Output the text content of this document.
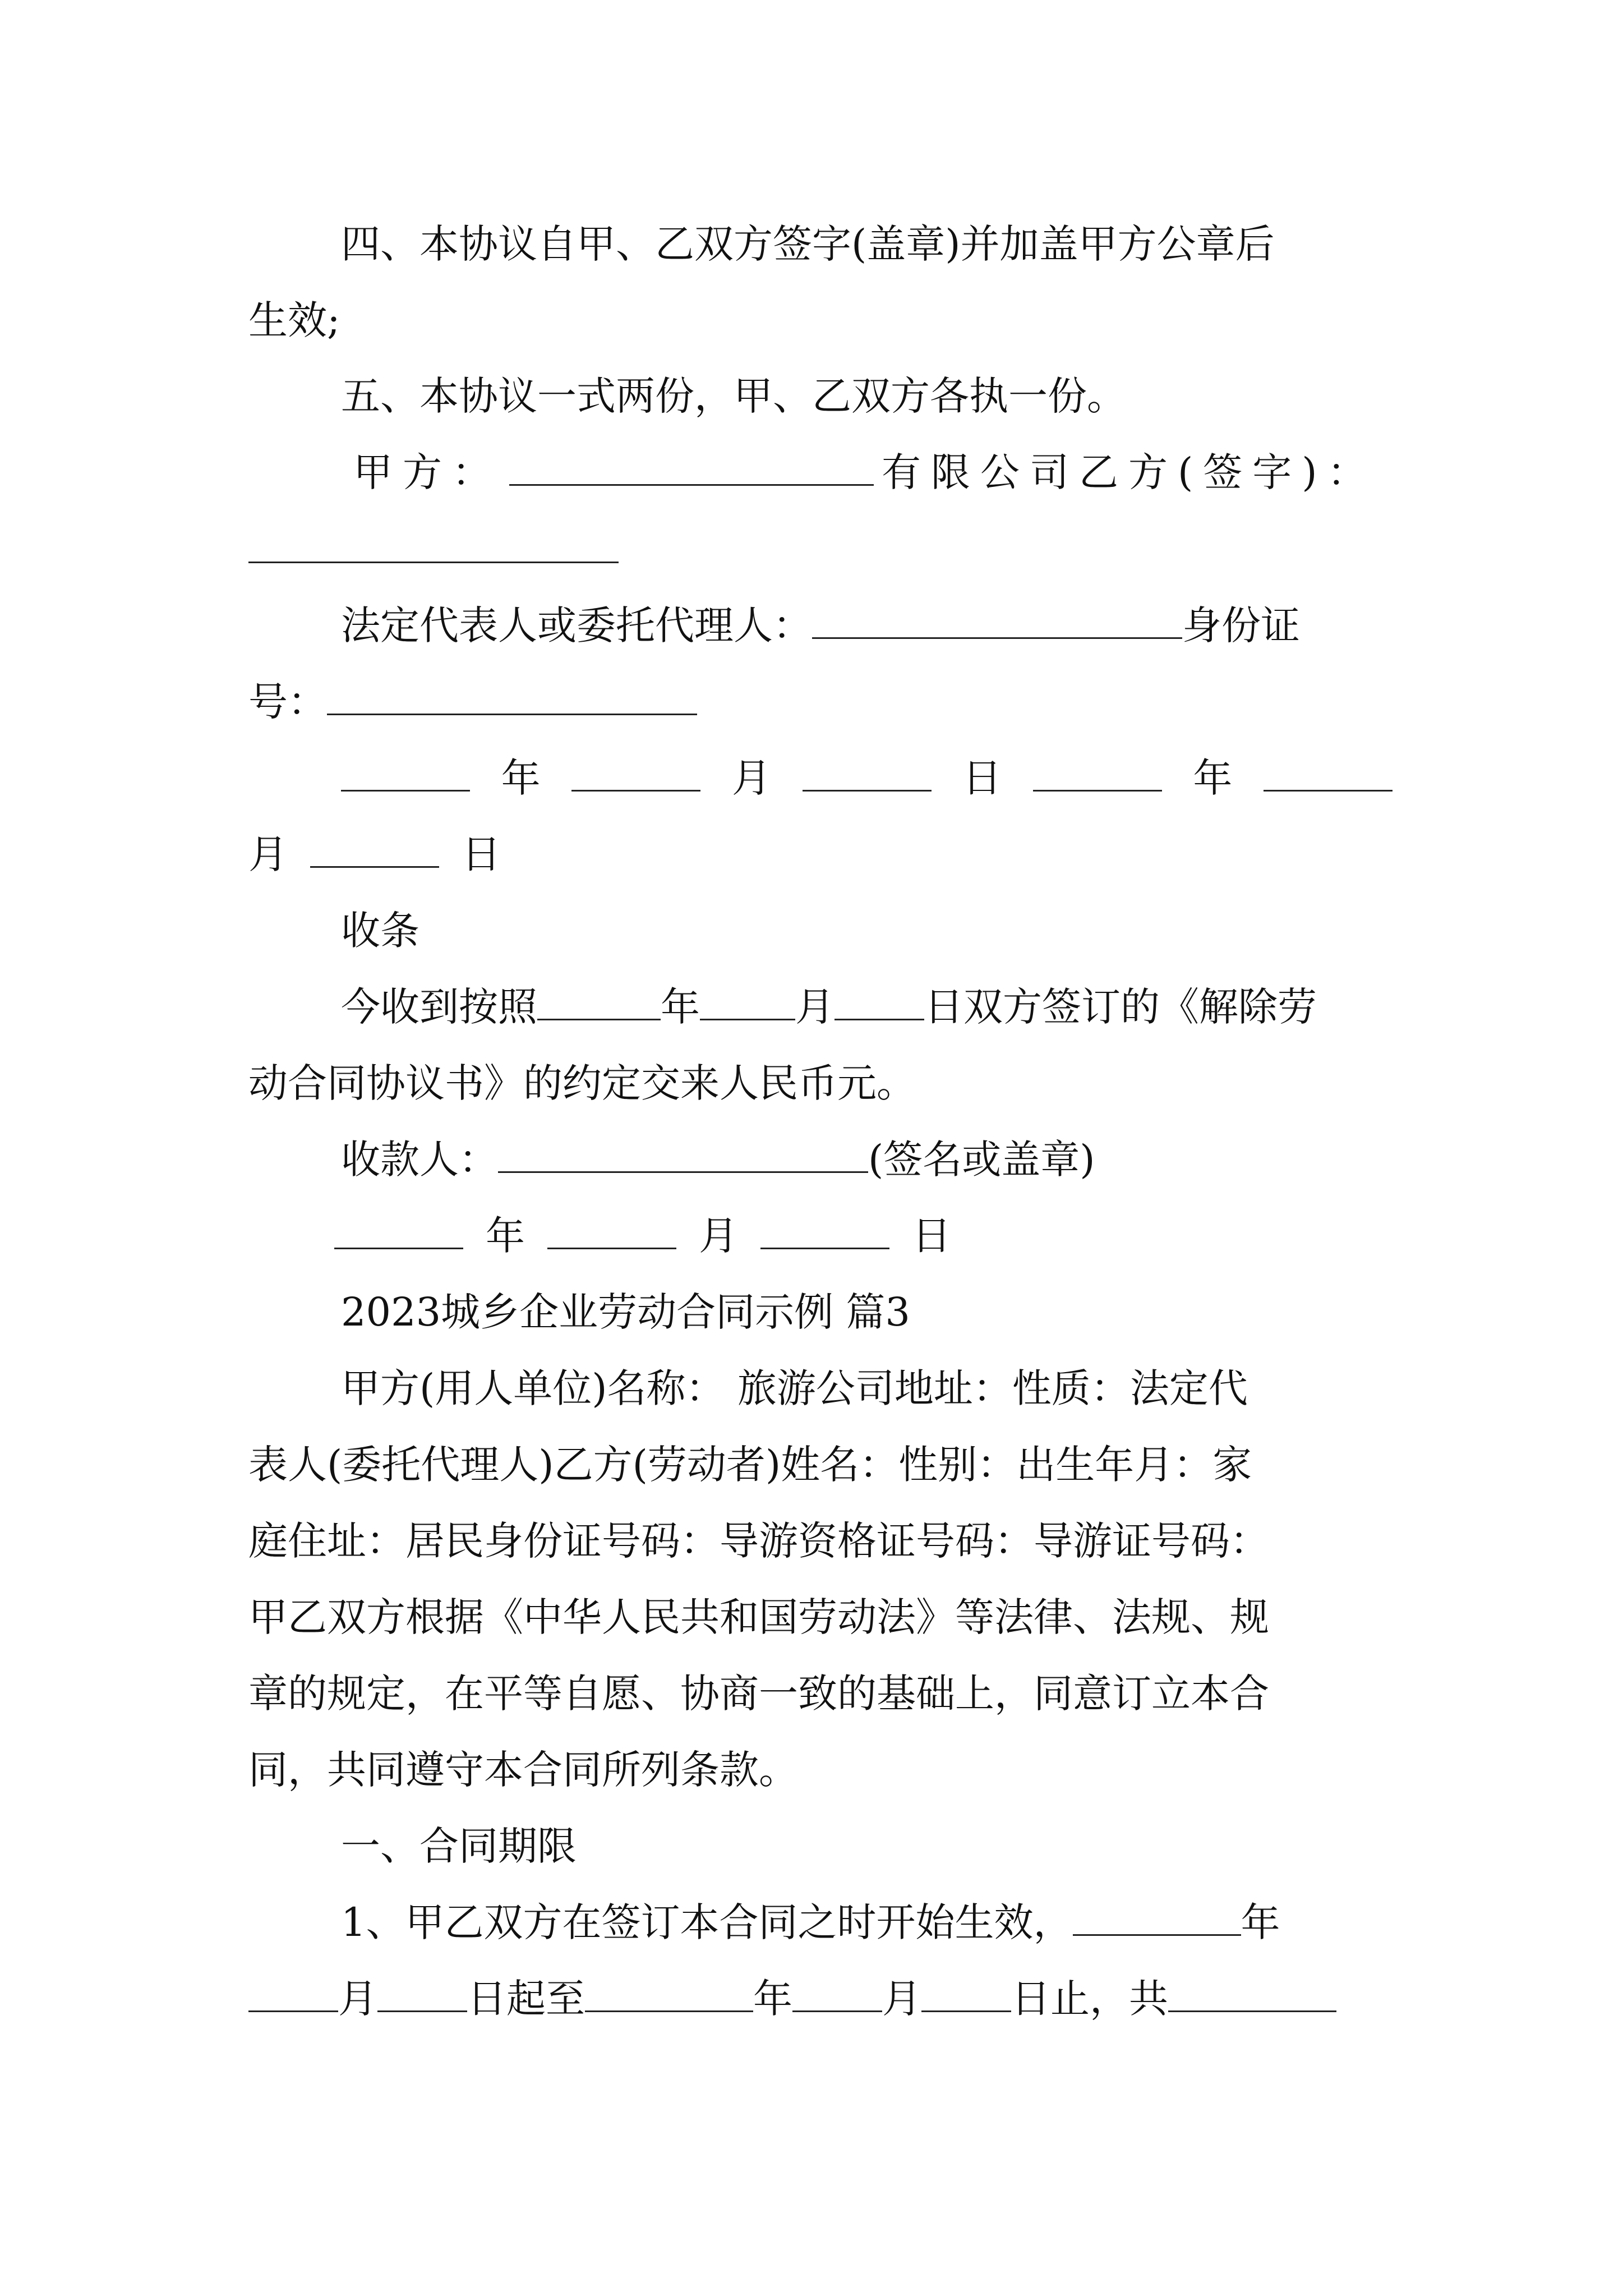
四、本协议自甲、乙双方签字(盖章)并加盖甲方公章后
生效;
五、本协议一式两份，甲、乙双方各执一份。
甲方：	有限公司乙方(签字)：
法定代表人或委托代理人：	身份证
号：
年	月	日	年
月	日
收条
今收到按照	年 月 日双方签订的《解除劳
动合同协议书》的约定交来人民币元。
收款人：	(签名或盖章)
年	月	日
2023城乡企业劳动合同示例 篇3
甲方(用人单位)名称： 旅游公司地址：性质：法定代
表人(委托代理人)乙方(劳动者)姓名：性别：出生年月：家
庭住址：居民身份证号码：导游资格证号码：导游证号码：
甲乙双方根据《中华人民共和国劳动法》等法律、法规、规
章的规定，在平等自愿、协商一致的基础上，同意订立本合
同，共同遵守本合同所列条款。
一、合同期限
1、甲乙双方在签订本合同之时开始生效，	年
月 日起至	年 月 日止，共
